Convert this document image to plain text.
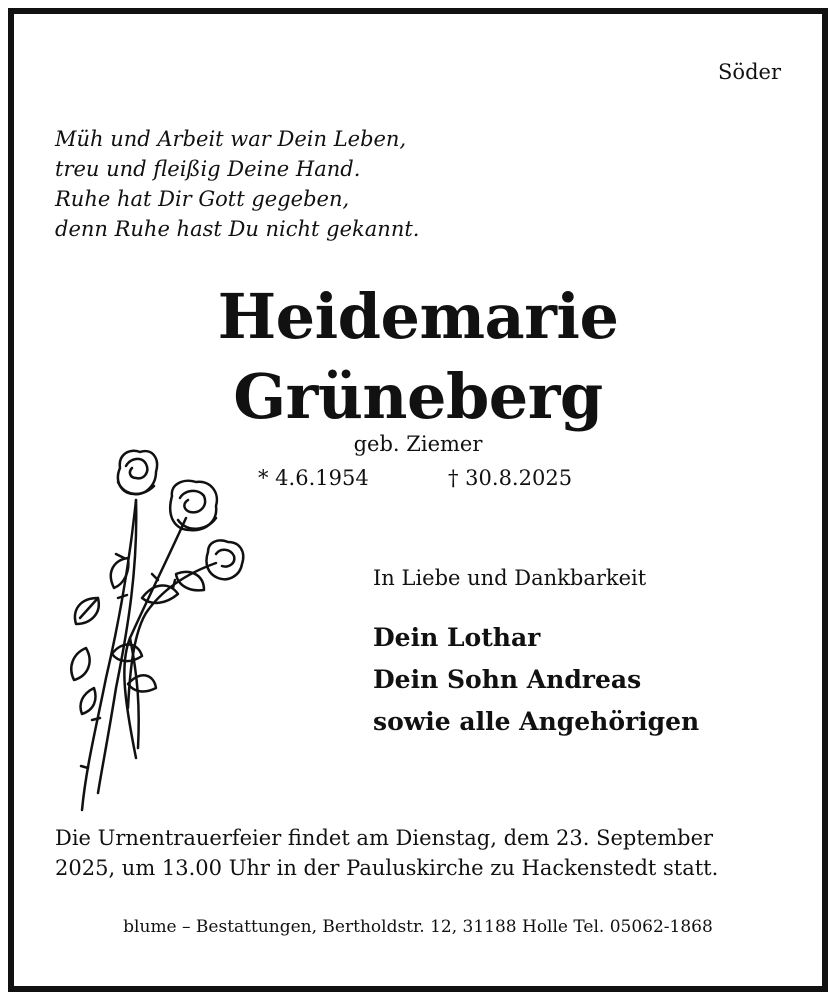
Söder
Müh und Arbeit war Dein Leben,
treu und fleißig Deine Hand.
Ruhe hat Dir Gott gegeben,
denn Ruhe hast Du nicht gekannt.
Heidemarie
Grüneberg
geb. Ziemer
* 4.6.1954	† 30.8.2025
In Liebe und Dankbarkeit
Dein Lothar
Dein Sohn Andreas
sowie alle Angehörigen
Die Urnentrauerfeier findet am Dienstag, dem 23. September
2025, um 13.00 Uhr in der Pauluskirche zu Hackenstedt statt.
blume – Bestattungen, Bertholdstr. 12, 31188 Holle Tel. 05062-1868
